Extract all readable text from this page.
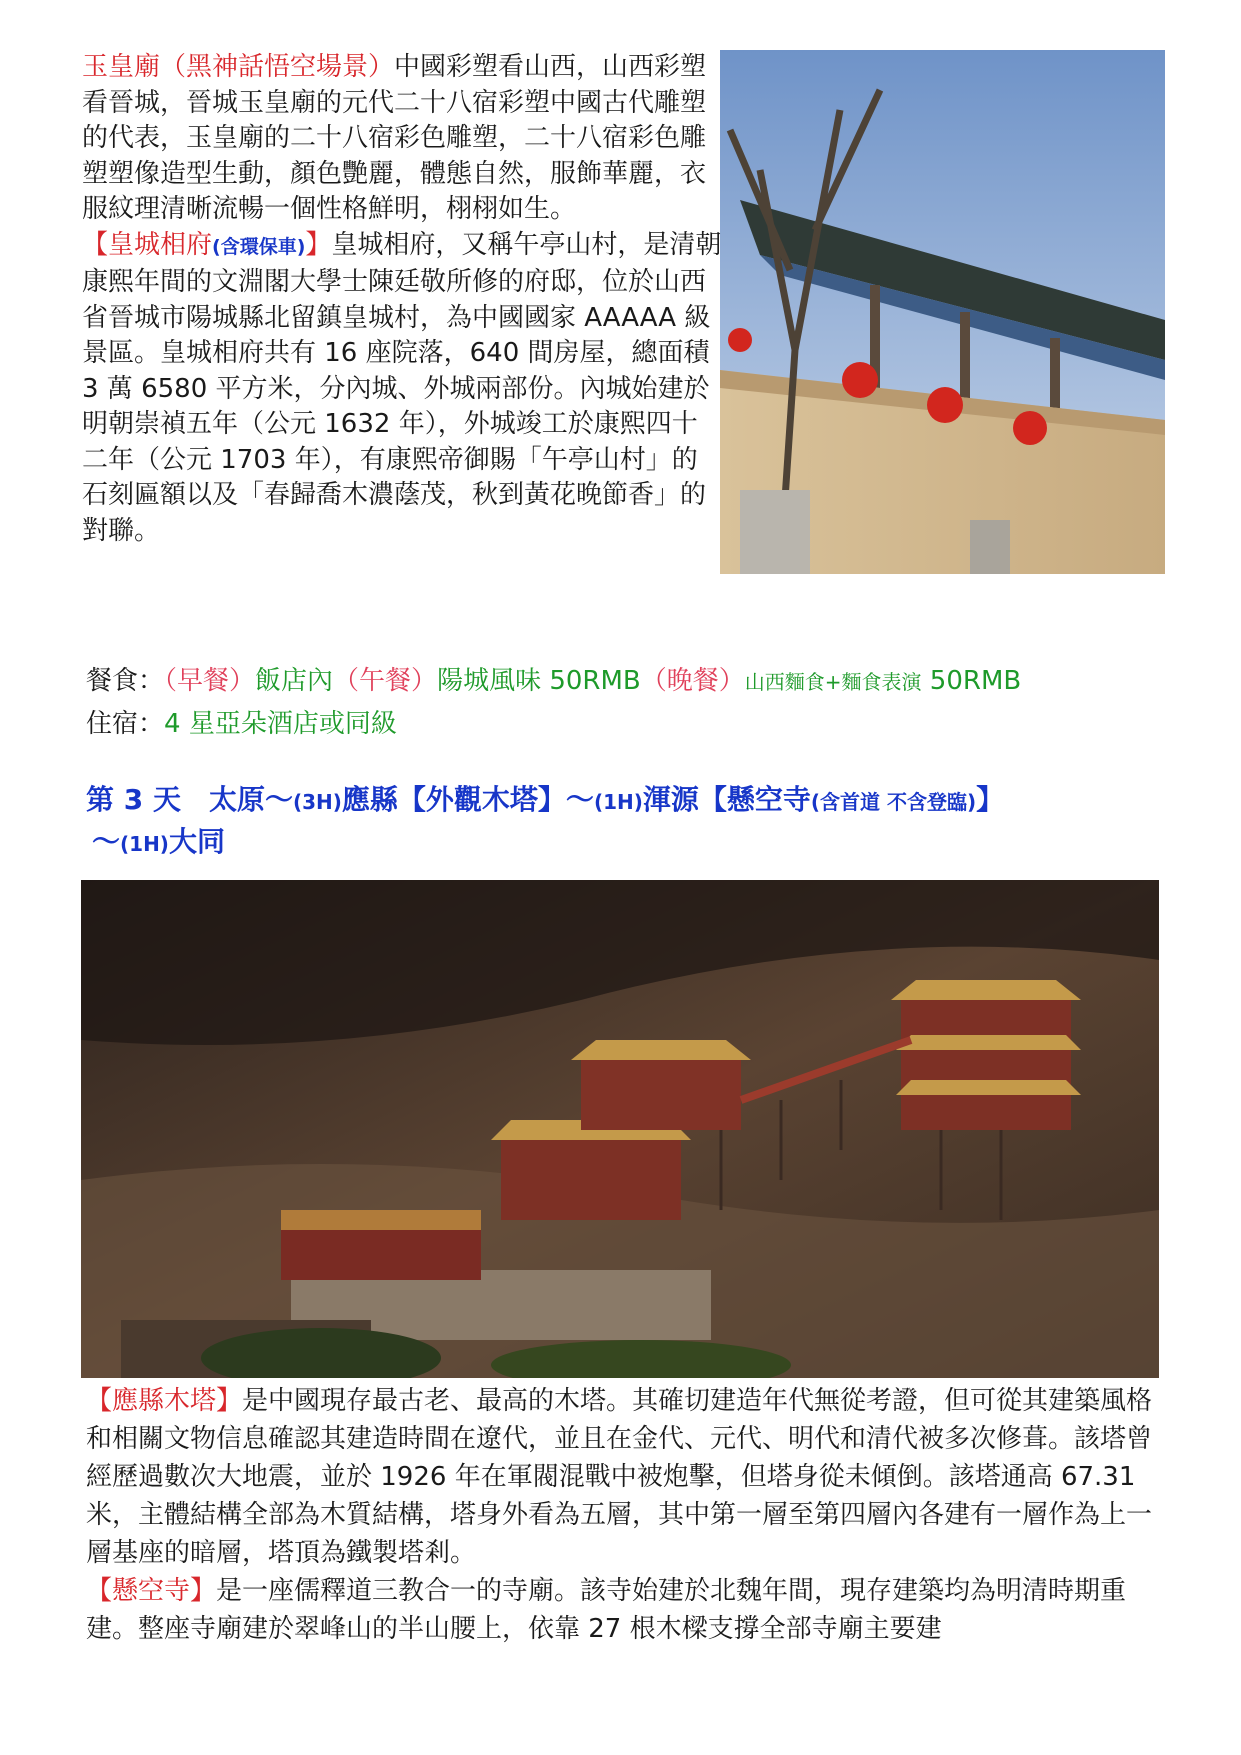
玉皇廟（黑神話悟空場景）中國彩塑看山西，山西彩塑看晉城，晉城玉皇廟的元代二十八宿彩塑中國古代雕塑的代表，玉皇廟的二十八宿彩色雕塑，二十八宿彩色雕塑塑像造型生動，顏色艷麗，體態自然，服飾華麗，衣服紋理清晰流暢一個性格鮮明，栩栩如生。

【皇城相府(含環保車)】皇城相府，又稱午亭山村，是清朝康熙年間的文淵閣大學士陳廷敬所修的府邸，位於山西省晉城市陽城縣北留鎮皇城村，為中國國家 AAAAA 級景區。皇城相府共有 16 座院落，640 間房屋，總面積 3 萬 6580 平方米，分內城、外城兩部份。內城始建於明朝崇禎五年（公元 1632 年），外城竣工於康熙四十二年（公元 1703 年），有康熙帝御賜「午亭山村」的石刻匾額以及「春歸喬木濃蔭茂，秋到黃花晚節香」的對聯。

餐食：（早餐）飯店內（午餐）陽城風味 50RMB（晚餐）山西麵食+麵食表演 50RMB
住宿：4 星亞朵酒店或同級
第 3 天　太原～(3H)應縣【外觀木塔】～(1H)渾源【懸空寺(含首道 不含登臨)】
～(1H)大同

【應縣木塔】是中國現存最古老、最高的木塔。其確切建造年代無從考證，但可從其建築風格和相關文物信息確認其建造時間在遼代，並且在金代、元代、明代和清代被多次修葺。該塔曾經歷過數次大地震，並於 1926 年在軍閥混戰中被炮擊，但塔身從未傾倒。該塔通高 67.31 米，主體結構全部為木質結構，塔身外看為五層，其中第一層至第四層內各建有一層作為上一層基座的暗層，塔頂為鐵製塔剎。

【懸空寺】是一座儒釋道三教合一的寺廟。該寺始建於北魏年間，現存建築均為明清時期重建。整座寺廟建於翠峰山的半山腰上，依靠 27 根木樑支撐全部寺廟主要建
